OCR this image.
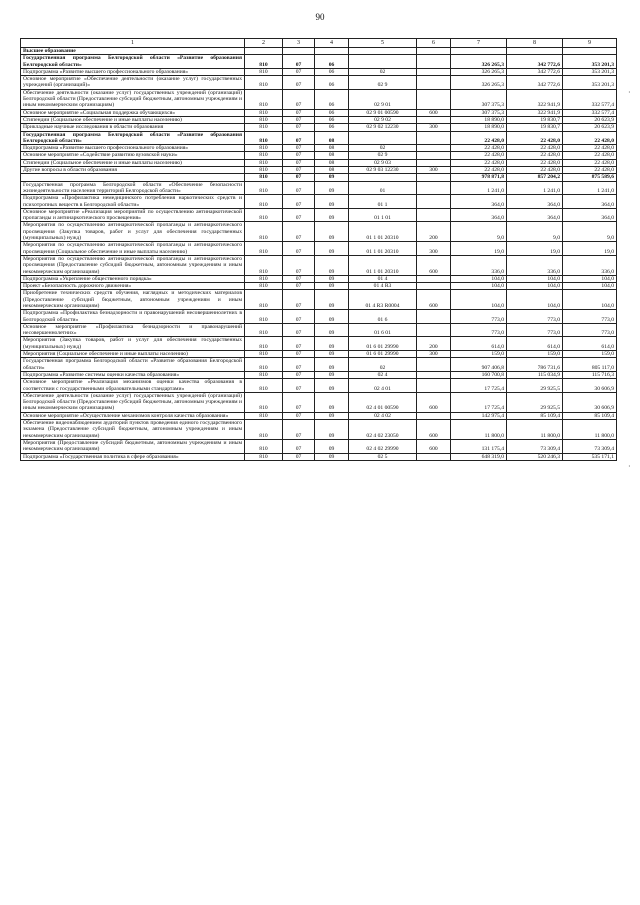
90
1	2	3	4	5	6	7	8	9
Высшее образование								
Государственная программа Белгородской области «Развитие образования Белгородской области»	810	07	06			326 265,3	342 772,6	353 201,3
Подпрограмма «Развитие высшего профессионального образования»	810	07	06	02		326 265,3	342 772,6	353 201,3
Основное мероприятие «Обеспечение деятельности (оказание услуг) государственных учреждений (организаций)»	810	07	06	02 9		326 265,3	342 772,6	353 201,3
Обеспечение деятельности (оказание услуг) государственных учреждений (организаций) Белгородской области (Предоставление субсидий бюджетным, автономным учреждениям и иным некоммерческим организациям)	810	07	06	02 9 01		307 375,3	322 941,9	332 577,4
Основное мероприятие «Социальная поддержка обучающихся»	810	07	06	02 9 01 00590	600	307 375,3	322 941,9	332 577,4
Стипендии (Социальное обеспечение и иные выплаты населению)	810	07	06	02 9 02		18 890,0	19 830,7	20 623,9
Прикладные научные исследования в области образования	810	07	06	02 9 02 12230	300	18 890,0	19 830,7	20 623,9
Государственная программа Белгородской области «Развитие образования Белгородской области»	810	07	08			22 428,0	22 428,0	22 428,0
Подпрограмма «Развитие высшего профессионального образования»	810	07	08	02		22 428,0	22 428,0	22 428,0
Основное мероприятие «Содействие развитию вузовской науки»	810	07	08	02 9		22 428,0	22 428,0	22 428,0
Стипендии (Социальное обеспечение и иные выплаты населению)	810	07	08	02 9 03		22 428,0	22 428,0	22 428,0
Другие вопросы в области образования	810	07	08	02 9 03 12230	300	22 428,0	22 428,0	22 428,0
	810	07	09			978 871,8	857 204,2	875 589,6
Государственная программа Белгородской области «Обеспечение безопасности жизнедеятельности населения территорий Белгородской области»	810	07	09	01		1 241,0	1 241,0	1 241,0
Подпрограмма «Профилактика немедицинского потребления наркотических средств и психотропных веществ в Белгородской области»	810	07	09	01 1		364,0	364,0	364,0
Основное мероприятие «Реализация мероприятий по осуществлению антинаркотической пропаганды и антинаркотического просвещения»	810	07	09	01 1 01		364,0	364,0	364,0
Мероприятия по осуществлению антинаркотической пропаганды и антинаркотического просвещения (Закупка товаров, работ и услуг для обеспечения государственных (муниципальных) нужд)	810	07	09	01 1 01 20310	200	9,0	9,0	9,0
Мероприятия по осуществлению антинаркотической пропаганды и антинаркотического просвещения (Социальное обеспечение и иные выплаты населению)	810	07	09	01 1 01 20310	300	19,0	19,0	19,0
Мероприятия по осуществлению антинаркотической пропаганды и антинаркотического просвещения (Предоставление субсидий бюджетным, автономным учреждениям и иным некоммерческим организациям)	810	07	09	01 1 01 20310	600	336,0	336,0	336,0
Подпрограмма «Укрепление общественного порядка»	810	07	09	01 4		104,0	104,0	104,0
Проект «Безопасность дорожного движения»	810	07	09	01 4 R3		104,0	104,0	104,0
Приобретение технических средств обучения, наглядных и методических материалов (Предоставление субсидий бюджетным, автономным учреждениям и иным некоммерческим организациям)	810	07	09	01 4 R3 R0004	600	104,0	104,0	104,0
Подпрограмма «Профилактика безнадзорности и правонарушений несовершеннолетних в Белгородской области»	810	07	09	01 6		773,0	773,0	773,0
Основное мероприятие «Профилактика безнадзорности и правонарушений несовершеннолетних»	810	07	09	01 6 01		773,0	773,0	773,0
Мероприятия (Закупка товаров, работ и услуг для обеспечения государственных (муниципальных) нужд)	810	07	09	01 6 01 29990	200	614,0	614,0	614,0
Мероприятия (Социальное обеспечение и иные выплаты населению)	810	07	09	01 6 01 29990	300	159,0	159,0	159,0
Государственная программа Белгородской области «Развитие образования Белгородской области»	810	07	09	02		907 406,8	786 731,6	805 117,0
Подпрограмма «Развитие системы оценки качества образования»	810	07	09	02 4		160 700,8	115 034,9	115 716,3
Основное мероприятие «Реализация механизмов оценки качества образования в соответствии с государственными образовательными стандартами»	810	07	09	02 4 01		17 725,4	29 925,5	30 606,9
Обеспечение деятельности (оказание услуг) государственных учреждений (организаций) Белгородской области (Предоставление субсидий бюджетным, автономным учреждениям и иным некоммерческим организациям)	810	07	09	02 4 01 00590	600	17 725,4	29 925,5	30 606,9
Основное мероприятие «Осуществление механизмов контроля качества образования»	810	07	09	02 4 02		142 975,4	85 109,4	85 109,4
Обеспечение видеонаблюдением аудиторий пунктов проведения единого государственного экзамена (Предоставление субсидий бюджетным, автономным учреждениям и иным некоммерческим организациям)	810	07	09	02 4 02 23050	600	11 800,0	11 800,0	11 800,0
Мероприятия (Предоставление субсидий бюджетным, автономным учреждениям и иным некоммерческим организациям)	810	07	09	02 4 02 29990	600	131 175,4	73 309,4	73 309,4
Подпрограмма «Государственная политика в сфере образования»	810	07	09	02 5		648 319,0	520 246,3	535 171,1
·
·
